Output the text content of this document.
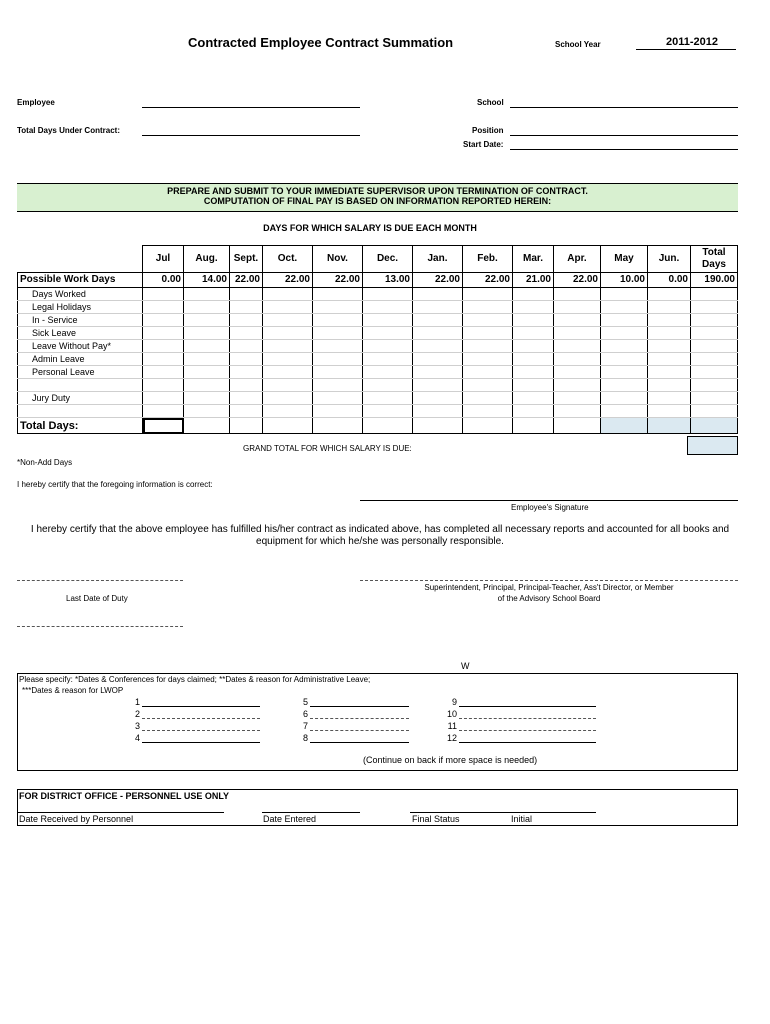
Contracted Employee Contract Summation	School Year	2011-2012
Employee	School
Total Days Under Contract:	Position
Start Date:
PREPARE AND SUBMIT TO YOUR IMMEDIATE SUPERVISOR UPON TERMINATION OF CONTRACT.
COMPUTATION OF FINAL PAY IS BASED ON INFORMATION REPORTED HEREIN:
DAYS FOR WHICH SALARY IS DUE EACH MONTH
	Jul	Aug.	Sept.	Oct.	Nov.	Dec.	Jan.	Feb.	Mar.	Apr.	May	Jun.	Total
Days

Possible Work Days	0.00	14.00	22.00	22.00	22.00	13.00	22.00	22.00	21.00	22.00	10.00	0.00	190.00
Days Worked													
Legal Holidays													
In - Service													
Sick Leave													
Leave Without Pay*													
Admin Leave													
Personal Leave													

Jury Duty													

Total Days:													
GRAND TOTAL FOR WHICH SALARY IS DUE:
*Non-Add Days
I hereby certify that the foregoing information is correct:
Employee's Signature
I hereby certify that the above employee has fulfilled his/her contract as indicated above, has completed all necessary reports and accounted for all books and
equipment for which he/she was personally responsible.
Last Date of Duty
Superintendent, Principal, Principal-Teacher, Ass't Director, or Member
of the Advisory School Board
W
Please specify: *Dates & Conferences for days claimed; **Dates & reason for Administrative Leave;
***Dates & reason for LWOP
1
2
3
4
5
6
7
8
9
10
11
12
(Continue on back if more space is needed)
FOR DISTRICT OFFICE - PERSONNEL USE ONLY
Date Received by Personnel	Date Entered	Final Status	Initial
